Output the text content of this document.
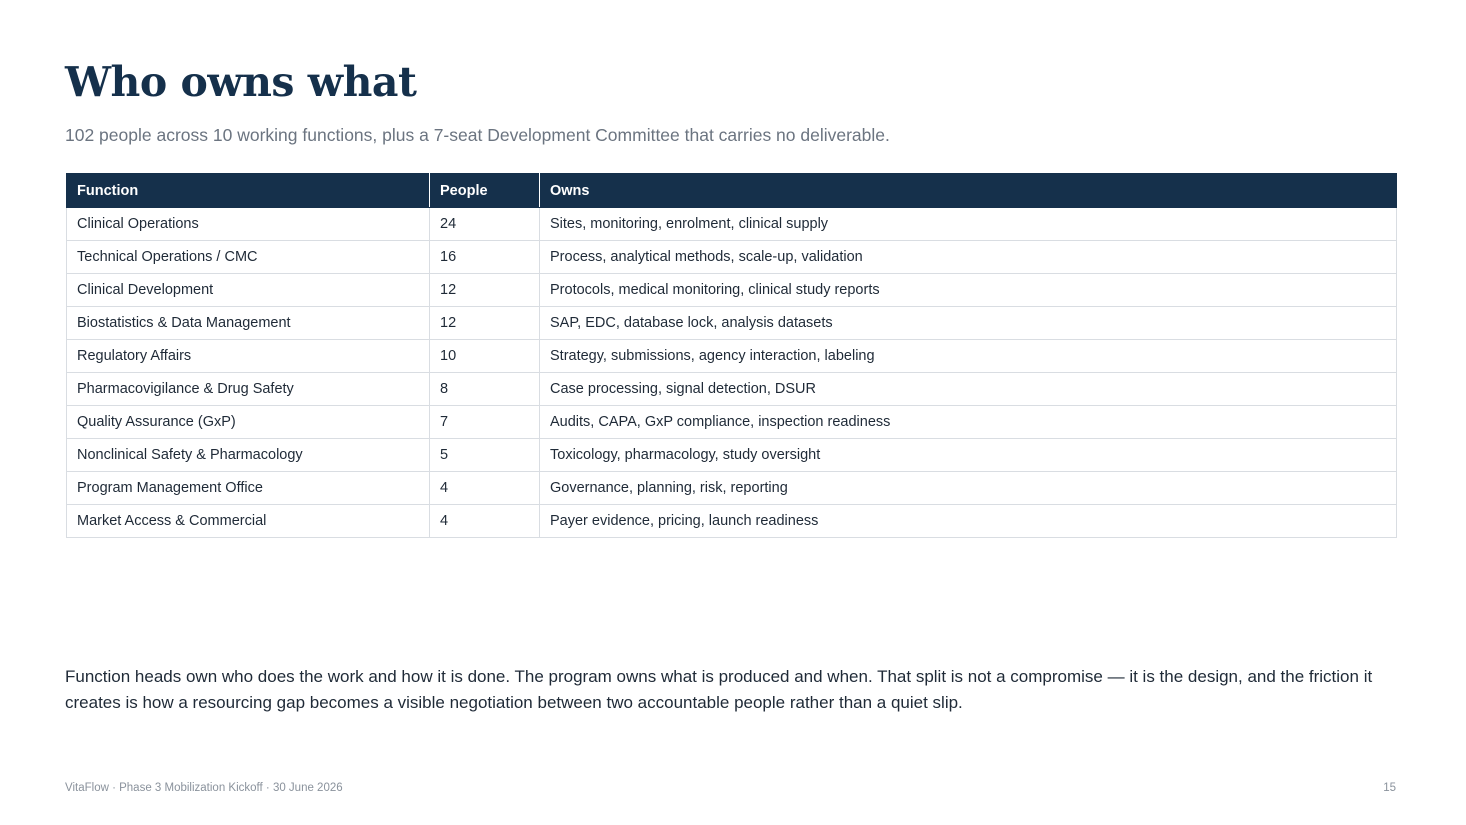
Who owns what

102 people across 10 working functions, plus a 7-seat Development Committee that carries no deliverable.

Function	People	Owns
Clinical Operations	24	Sites, monitoring, enrolment, clinical supply
Technical Operations / CMC	16	Process, analytical methods, scale-up, validation
Clinical Development	12	Protocols, medical monitoring, clinical study reports
Biostatistics & Data Management	12	SAP, EDC, database lock, analysis datasets
Regulatory Affairs	10	Strategy, submissions, agency interaction, labeling
Pharmacovigilance & Drug Safety	8	Case processing, signal detection, DSUR
Quality Assurance (GxP)	7	Audits, CAPA, GxP compliance, inspection readiness
Nonclinical Safety & Pharmacology	5	Toxicology, pharmacology, study oversight
Program Management Office	4	Governance, planning, risk, reporting
Market Access & Commercial	4	Payer evidence, pricing, launch readiness

Function heads own who does the work and how it is done. The program owns what is produced and when. That split is not a compromise — it is the design, and the friction it creates is how a resourcing gap becomes a visible negotiation between two accountable people rather than a quiet slip.

VitaFlow · Phase 3 Mobilization Kickoff · 30 June 2026	15
